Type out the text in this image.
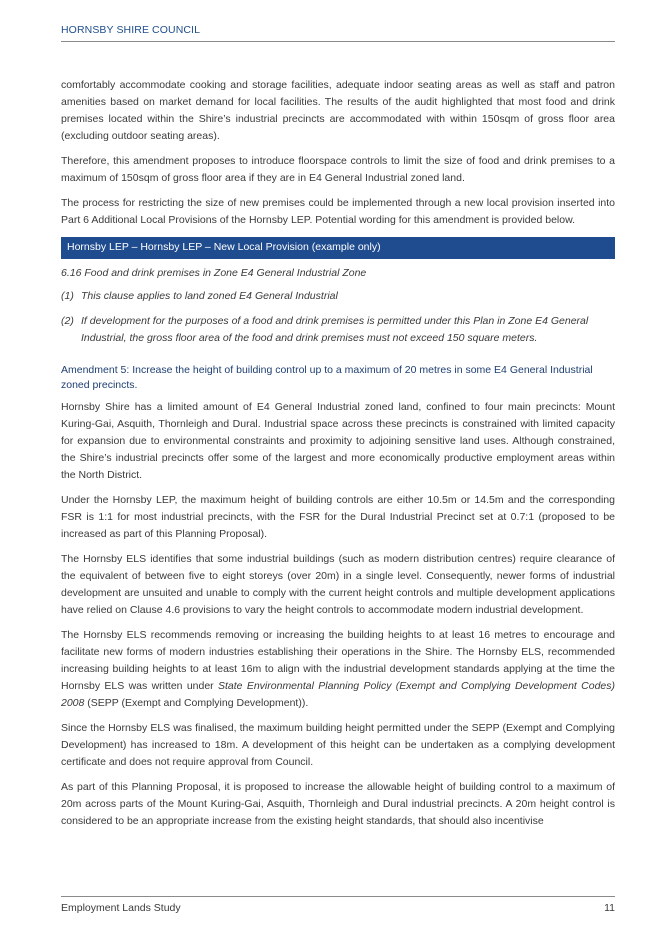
HORNSBY SHIRE COUNCIL

comfortably accommodate cooking and storage facilities, adequate indoor seating areas as well as staff and patron amenities based on market demand for local facilities. The results of the audit highlighted that most food and drink premises located within the Shire’s industrial precincts are accommodated with within 150sqm of gross floor area (excluding outdoor seating areas).

Therefore, this amendment proposes to introduce floorspace controls to limit the size of food and drink premises to a maximum of 150sqm of gross floor area if they are in E4 General Industrial zoned land.

The process for restricting the size of new premises could be implemented through a new local provision inserted into Part 6 Additional Local Provisions of the Hornsby LEP. Potential wording for this amendment is provided below.

Hornsby LEP – Hornsby LEP – New Local Provision (example only)
6.16 Food and drink premises in Zone E4 General Industrial Zone
(1) This clause applies to land zoned E4 General Industrial
(2) If development for the purposes of a food and drink premises is permitted under this Plan in Zone E4 General Industrial, the gross floor area of the food and drink premises must not exceed 150 square meters.
Amendment 5: Increase the height of building control up to a maximum of 20 metres in some E4 General Industrial zoned precincts.

Hornsby Shire has a limited amount of E4 General Industrial zoned land, confined to four main precincts: Mount Kuring-Gai, Asquith, Thornleigh and Dural. Industrial space across these precincts is constrained with limited capacity for expansion due to environmental constraints and proximity to adjoining sensitive land uses. Although constrained, the Shire’s industrial precincts offer some of the largest and more economically productive employment areas within the North District.

Under the Hornsby LEP, the maximum height of building controls are either 10.5m or 14.5m and the corresponding FSR is 1:1 for most industrial precincts, with the FSR for the Dural Industrial Precinct set at 0.7:1 (proposed to be increased as part of this Planning Proposal).

The Hornsby ELS identifies that some industrial buildings (such as modern distribution centres) require clearance of the equivalent of between five to eight storeys (over 20m) in a single level. Consequently, newer forms of industrial development are unsuited and unable to comply with the current height controls and multiple development applications have relied on Clause 4.6 provisions to vary the height controls to accommodate modern industrial development.

The Hornsby ELS recommends removing or increasing the building heights to at least 16 metres to encourage and facilitate new forms of modern industries establishing their operations in the Shire. The Hornsby ELS, recommended increasing building heights to at least 16m to align with the industrial development standards applying at the time the Hornsby ELS was written under State Environmental Planning Policy (Exempt and Complying Development Codes) 2008 (SEPP (Exempt and Complying Development)).

Since the Hornsby ELS was finalised, the maximum building height permitted under the SEPP (Exempt and Complying Development) has increased to 18m. A development of this height can be undertaken as a complying development certificate and does not require approval from Council.

As part of this Planning Proposal, it is proposed to increase the allowable height of building control to a maximum of 20m across parts of the Mount Kuring-Gai, Asquith, Thornleigh and Dural industrial precincts. A 20m height control is considered to be an appropriate increase from the existing height standards, that should also incentivise

Employment Lands Study	11
